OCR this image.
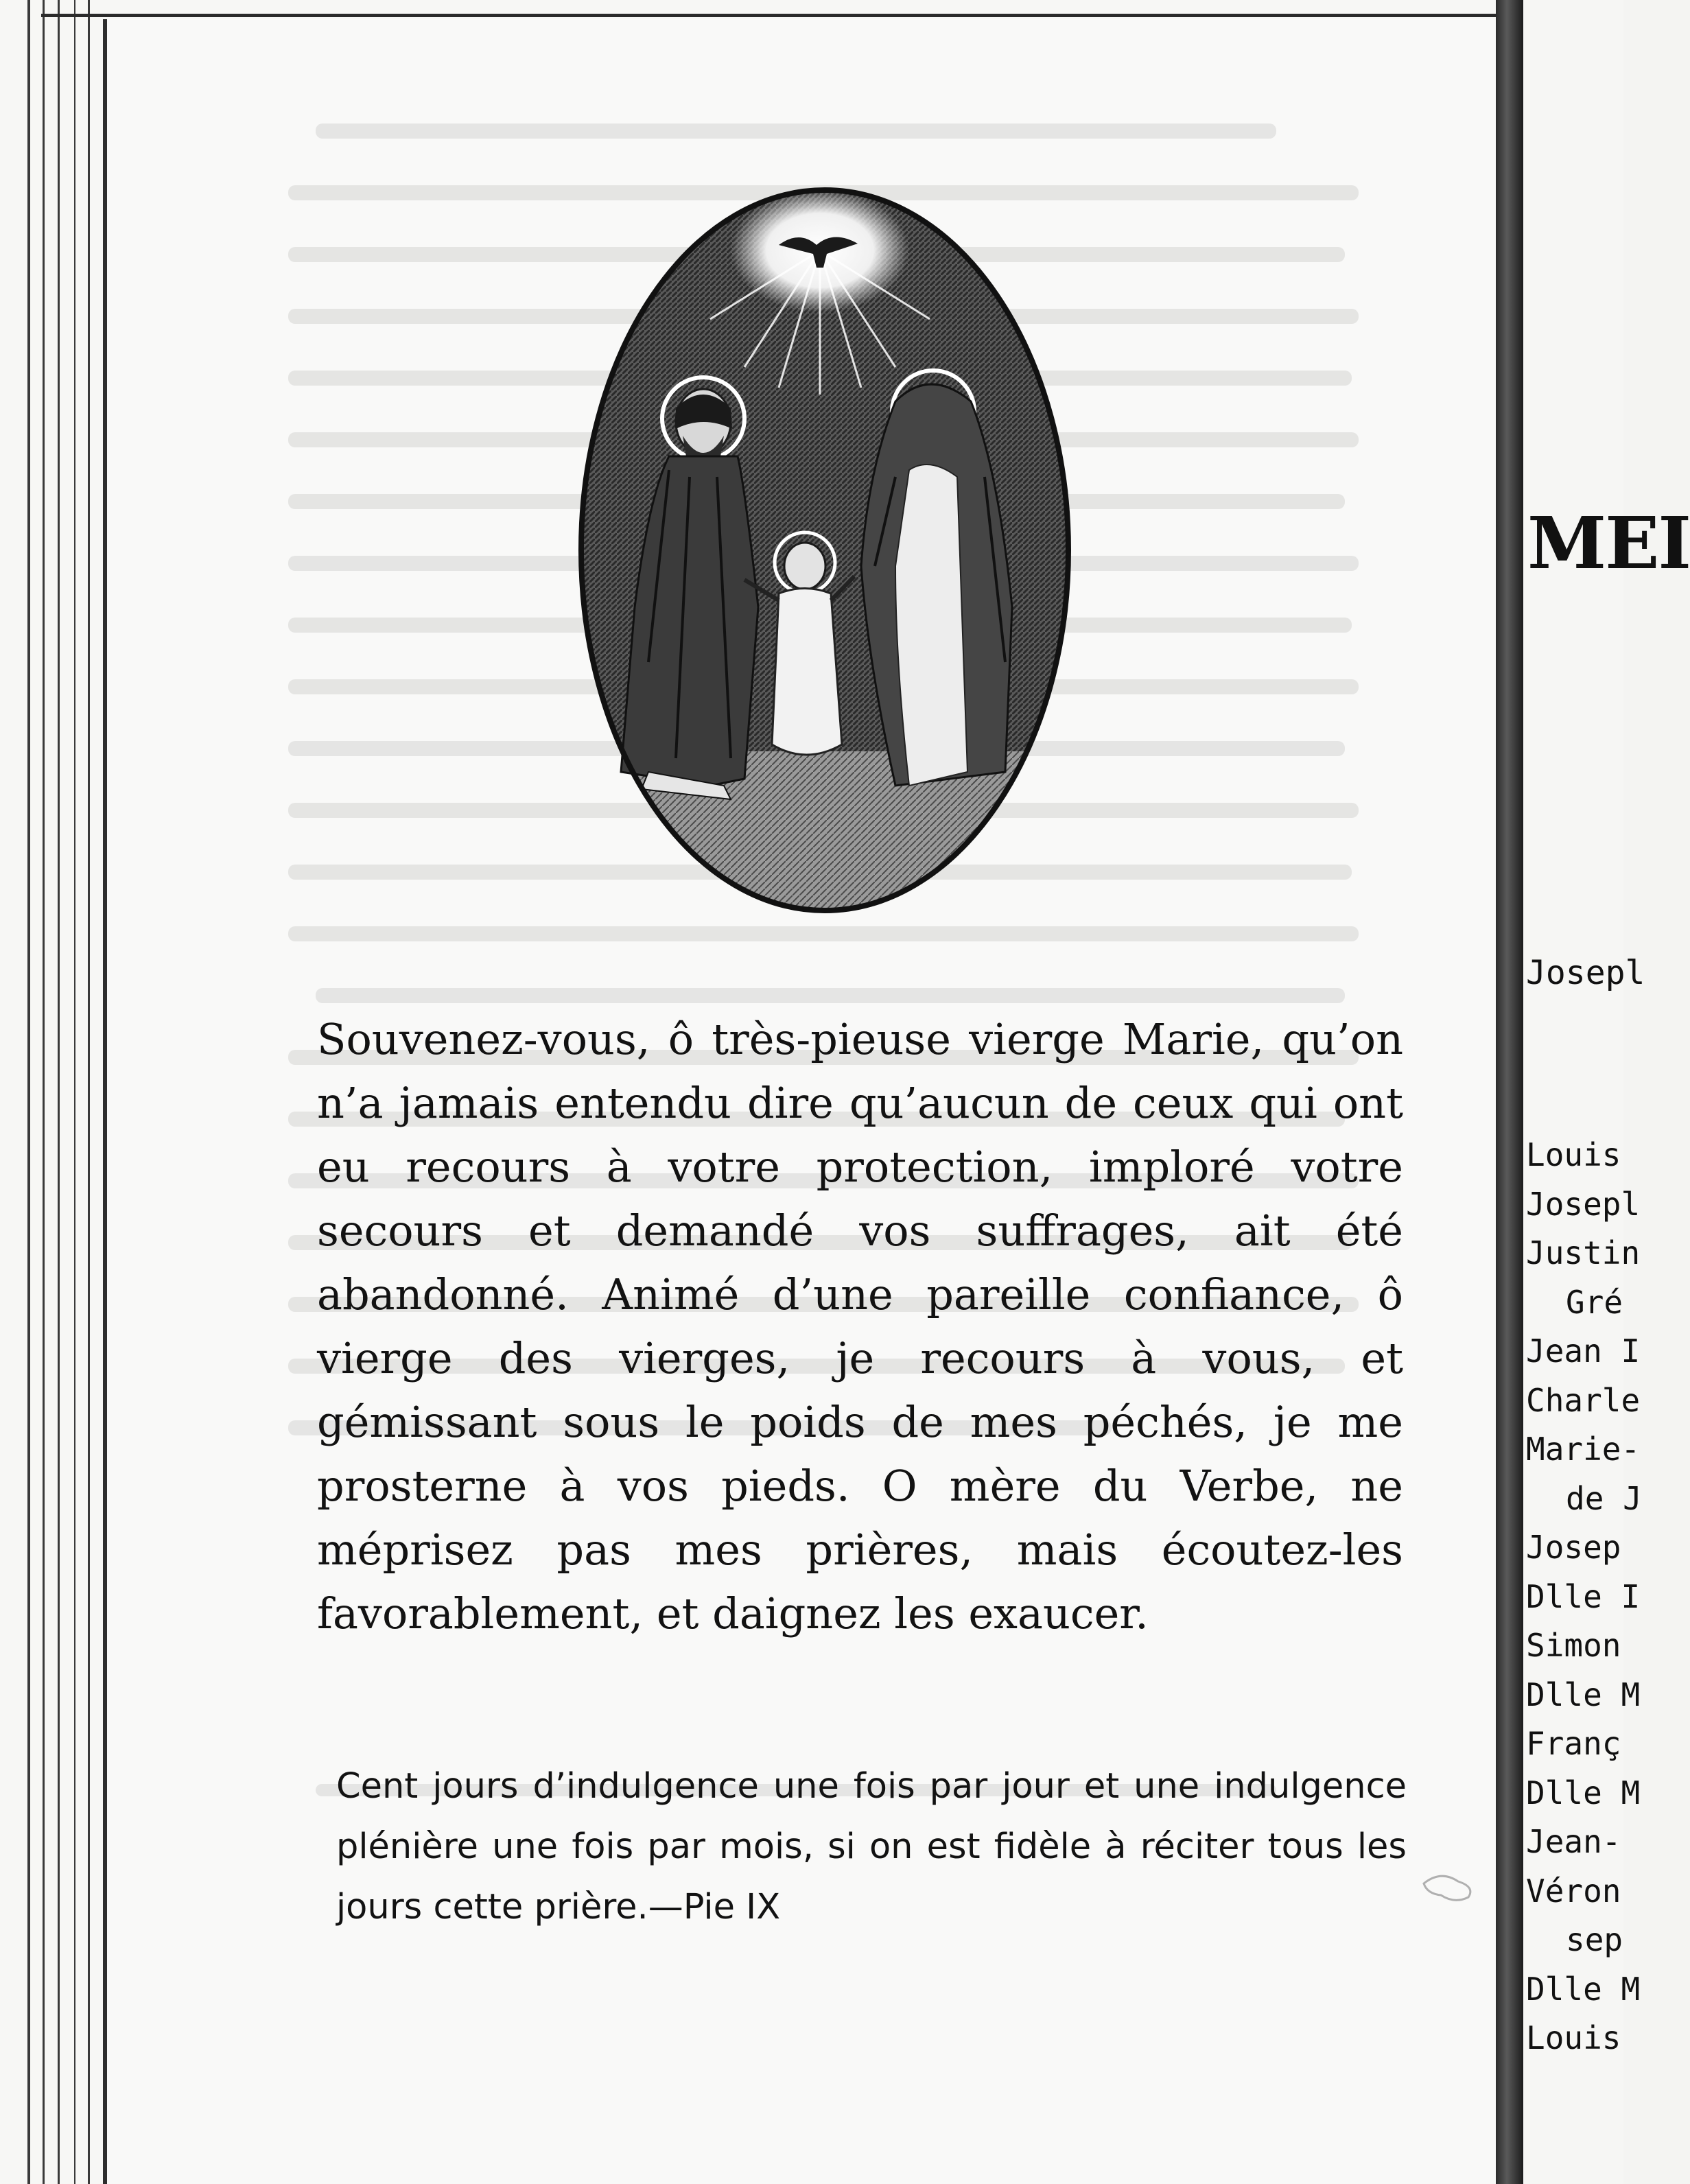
Souvenez-vous, ô très-pieuse vierge Marie, qu’on n’a jamais entendu dire qu’aucun de ceux qui ont eu recours à votre protection, imploré votre secours et demandé vos suffrages, ait été abandonné. Animé d’une pareille confiance, ô vierge des vierges, je recours à vous, et gémissant sous le poids de mes péchés, je me prosterne à vos pieds. O mère du Verbe, ne méprisez pas mes prières, mais écoutez-les favorablement, et daignez les exaucer.

Cent jours d’indulgence une fois par jour et une indulgence plénière une fois par mois, si on est fidèle à réciter tous les jours cette prière.—Pie IX

MEI
Josepl
Louis
Josepl
Justin
Gré
Jean I
Charle
Marie-
de J
Josep
Dlle I
Simon
Dlle M
Franç
Dlle M
Jean-
Véron
sep
Dlle M
Louis
